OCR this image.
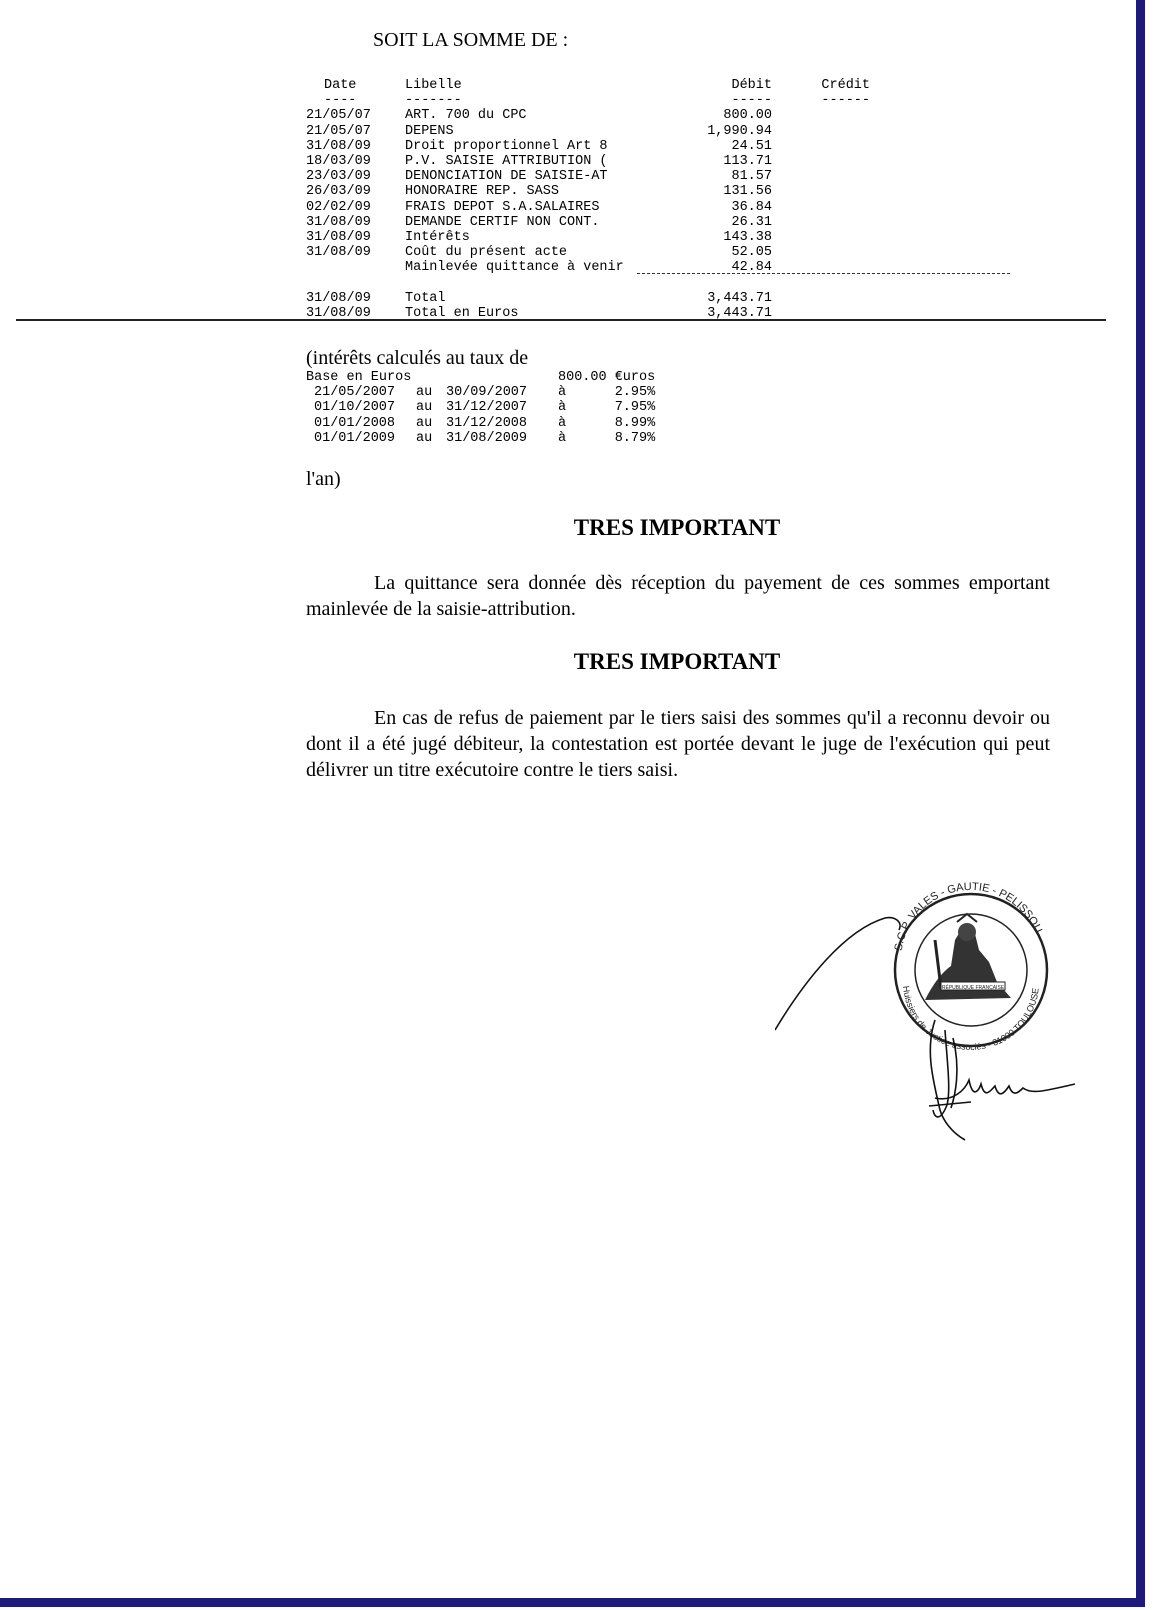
SOIT LA SOMME DE :
Date	Libelle	Débit	Crédit
----	-------	-----	------
21/05/07	ART. 700 du CPC	800.00	
21/05/07	DEPENS	1,990.94	
31/08/09	Droit proportionnel Art 8	24.51	
18/03/09	P.V. SAISIE ATTRIBUTION (	113.71	
23/03/09	DENONCIATION DE SAISIE-AT	81.57	
26/03/09	HONORAIRE REP. SASS	131.56	
02/02/09	FRAIS DEPOT S.A.SALAIRES	36.84	
31/08/09	DEMANDE CERTIF NON CONT.	26.31	
31/08/09	Intérêts	143.38	
31/08/09	Coût du présent acte	52.05	
	Mainlevée quittance à venir	42.84	

31/08/09	Total	3,443.71	
31/08/09	Total en Euros	3,443.71	
(intérêts calculés au taux de
Base en Euros			800.00 €uros	
21/05/2007	au	30/09/2007	à	2.95%
01/10/2007	au	31/12/2007	à	7.95%
01/01/2008	au	31/12/2008	à	8.99%
01/01/2009	au	31/08/2009	à	8.79%
l'an)
TRES IMPORTANT
La quittance sera donnée dès réception du payement de ces sommes emportant mainlevée de la saisie-attribution.
TRES IMPORTANT
En cas de refus de paiement par le tiers saisi des sommes qu'il a reconnu devoir ou dont il a été jugé débiteur, la contestation est portée devant le juge de l'exécution qui peut délivrer un titre exécutoire contre le tiers saisi.
S.C.P. VALES - GAUTIE - PELISSOU
Huissiers de Justice associés - 31000 TOULOUSE
RÉPUBLIQUE FRANÇAISE
